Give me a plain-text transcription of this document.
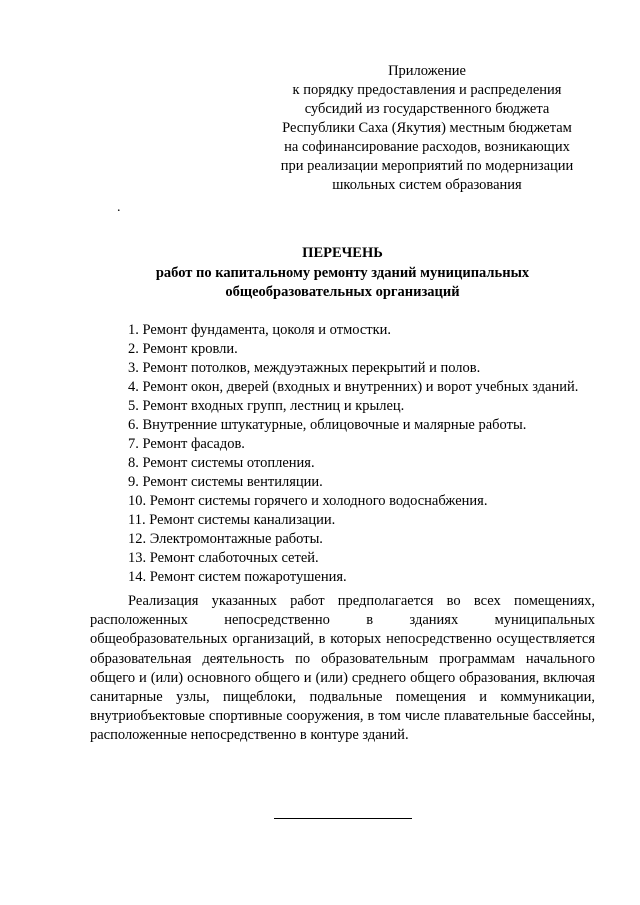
Приложение
к порядку предоставления и распределения
субсидий из государственного бюджета
Республики Саха (Якутия) местным бюджетам
на софинансирование расходов, возникающих
при реализации мероприятий по модернизации
школьных систем образования
.
ПЕРЕЧЕНЬ
работ по капитальному ремонту зданий муниципальных
общеобразовательных организаций
1. Ремонт фундамента, цоколя и отмостки.
2. Ремонт кровли.
3. Ремонт потолков, междуэтажных перекрытий и полов.
4. Ремонт окон, дверей (входных и внутренних) и ворот учебных зданий.
5. Ремонт входных групп, лестниц и крылец.
6. Внутренние штукатурные, облицовочные и малярные работы.
7. Ремонт фасадов.
8. Ремонт системы отопления.
9. Ремонт системы вентиляции.
10. Ремонт системы горячего и холодного водоснабжения.
11. Ремонт системы канализации.
12. Электромонтажные работы.
13. Ремонт слаботочных сетей.
14. Ремонт систем пожаротушения.

Реализация указанных работ предполагается во всех помещениях, расположенных непосредственно в зданиях муниципальных общеобразовательных организаций, в которых непосредственно осуществляется образовательная деятельность по образовательным программам начального общего и (или) основного общего и (или) среднего общего образования, включая санитарные узлы, пищеблоки, подвальные помещения и коммуникации, внутриобъектовые спортивные сооружения, в том числе плавательные бассейны, расположенные непосредственно в контуре зданий.
